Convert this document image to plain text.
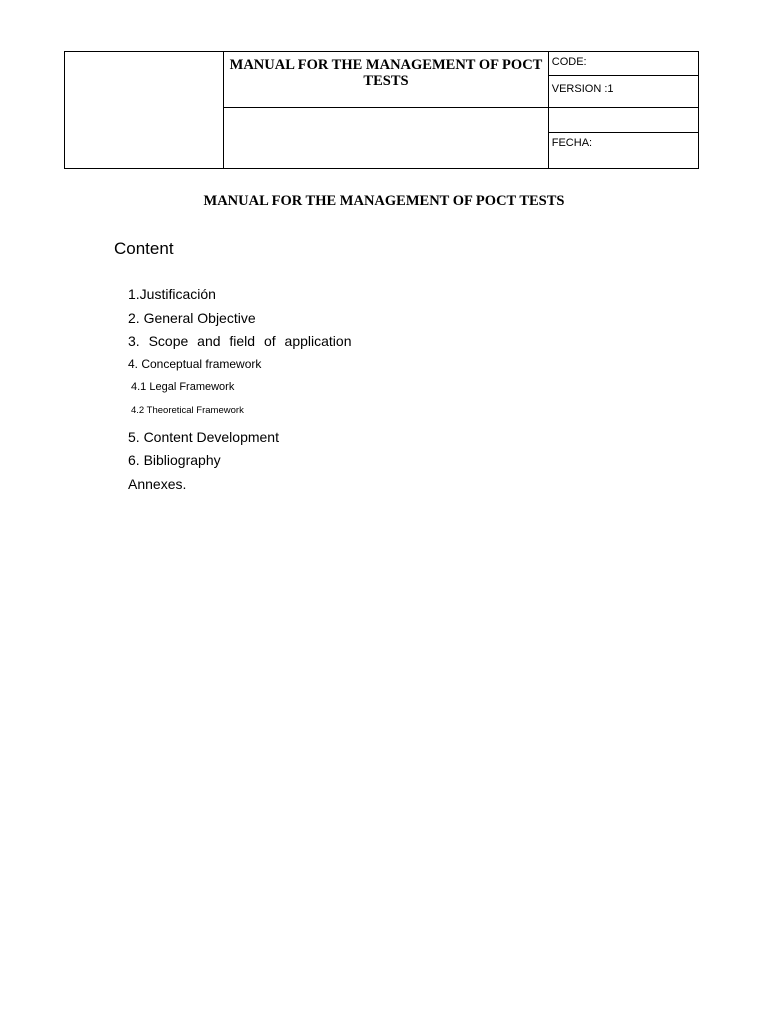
	MANUAL FOR THE MANAGEMENT OF POCT TESTS	CODE:
		VERSION :1

		FECHA:
MANUAL FOR THE MANAGEMENT OF POCT TESTS
Content
1.Justificación
2. General Objective
3. Scope and field of application
4. Conceptual framework
4.1 Legal Framework
4.2 Theoretical Framework
5. Content Development
6. Bibliography
Annexes.
